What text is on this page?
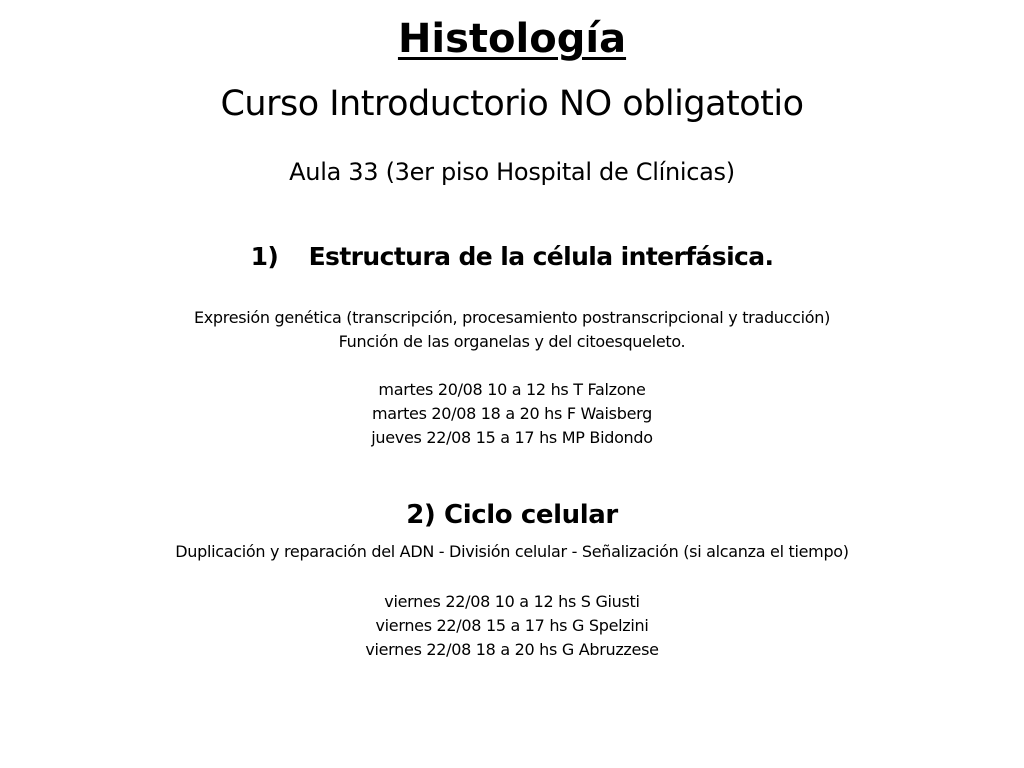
Histología
Curso Introductorio NO obligatotio
Aula 33 (3er piso Hospital de Clínicas)
1) Estructura de la célula interfásica.
Expresión genética (transcripción, procesamiento postranscripcional y traducción)
Función de las organelas y del citoesqueleto.
martes 20/08 10 a 12 hs T Falzone
martes 20/08 18 a 20 hs F Waisberg
jueves 22/08 15 a 17 hs MP Bidondo
2) Ciclo celular
Duplicación y reparación del ADN - División celular - Señalización (si alcanza el tiempo)
viernes 22/08 10 a 12 hs S Giusti
viernes 22/08 15 a 17 hs G Spelzini
viernes 22/08 18 a 20 hs G Abruzzese
